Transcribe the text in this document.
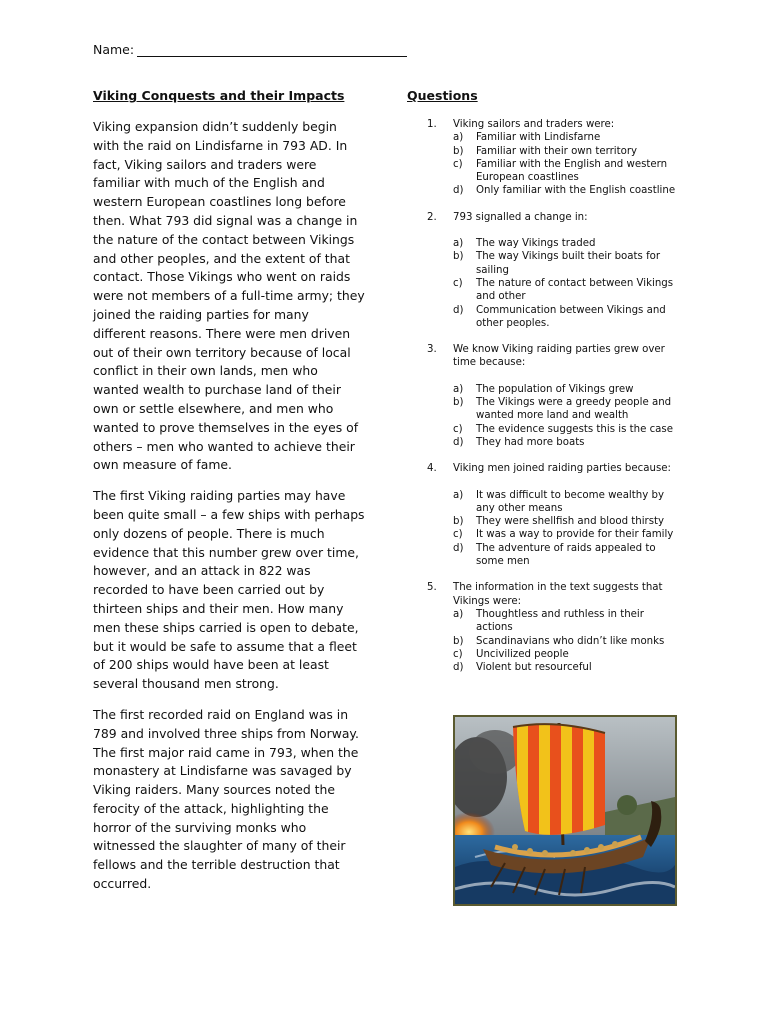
Name:
Viking Conquests and their Impacts

Viking expansion didn’t suddenly begin with the raid on Lindisfarne in 793 AD. In fact, Viking sailors and traders were familiar with much of the English and western European coastlines long before then. What 793 did signal was a change in the nature of the contact between Vikings and other peoples, and the extent of that contact. Those Vikings who went on raids were not members of a full-time army; they joined the raiding parties for many different reasons. There were men driven out of their own territory because of local conflict in their own lands, men who wanted wealth to purchase land of their own or settle elsewhere, and men who wanted to prove themselves in the eyes of others – men who wanted to achieve their own measure of fame.

The first Viking raiding parties may have been quite small – a few ships with perhaps only dozens of people. There is much evidence that this number grew over time, however, and an attack in 822 was recorded to have been carried out by thirteen ships and their men. How many men these ships carried is open to debate, but it would be safe to assume that a fleet of 200 ships would have been at least several thousand men strong.

The first recorded raid on England was in 789 and involved three ships from Norway. The first major raid came in 793, when the monastery at Lindisfarne was savaged by Viking raiders. Many sources noted the ferocity of the attack, highlighting the horror of the surviving monks who witnessed the slaughter of many of their fellows and the terrible destruction that occurred.

Questions
1. Viking sailors and traders were:
a) Familiar with Lindisfarne
b) Familiar with their own territory
c) Familiar with the English and western European coastlines
d) Only familiar with the English coastline
2. 793 signalled a change in:
a) The way Vikings traded
b) The way Vikings built their boats for sailing
c) The nature of contact between Vikings and other
d) Communication between Vikings and other peoples.
3. We know Viking raiding parties grew over time because:
a) The population of Vikings grew
b) The Vikings were a greedy people and wanted more land and wealth
c) The evidence suggests this is the case
d) They had more boats
4. Viking men joined raiding parties because:
a) It was difficult to become wealthy by any other means
b) They were shellfish and blood thirsty
c) It was a way to provide for their family
d) The adventure of raids appealed to some men
5. The information in the text suggests that Vikings were:
a) Thoughtless and ruthless in their actions
b) Scandinavians who didn’t like monks
c) Uncivilized people
d) Violent but resourceful
